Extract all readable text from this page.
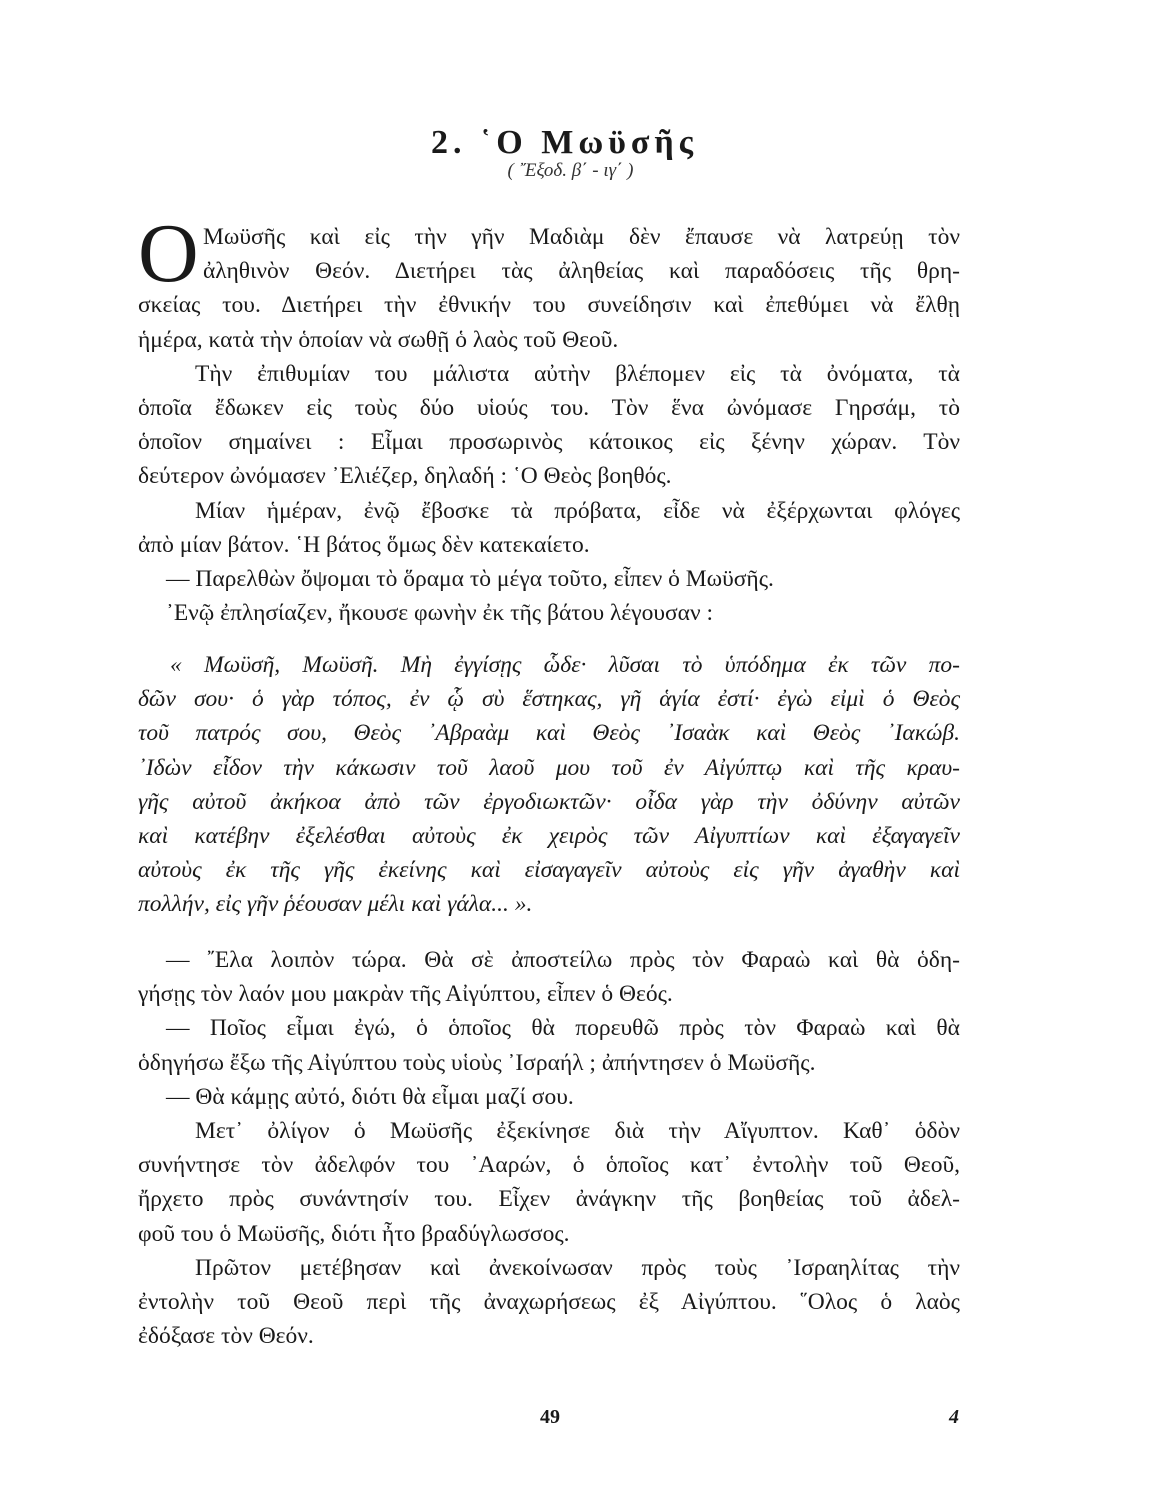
2. ῾Ο Μωϋσῆς
( ῎Εξοδ. β΄ - ιγ΄ )
Ο Μωϋσῆς καὶ εἰς τὴν γῆν Μαδιὰμ δὲν ἔπαυσε νὰ λατρεύῃ τὸν
ἀληθινὸν Θεόν. Διετήρει τὰς ἀληθείας καὶ παραδόσεις τῆς θρη-
σκείας του. Διετήρει τὴν ἐθνικήν του συνείδησιν καὶ ἐπεθύμει νὰ ἔλθῃ
ἡμέρα, κατὰ τὴν ὁποίαν νὰ σωθῇ ὁ λαὸς τοῦ Θεοῦ.
Τὴν ἐπιθυμίαν του μάλιστα αὐτὴν βλέπομεν εἰς τὰ ὀνόματα, τὰ
ὁποῖα ἔδωκεν εἰς τοὺς δύο υἱούς του. Τὸν ἕνα ὠνόμασε Γηρσάμ, τὸ
ὁποῖον σημαίνει : Εἶμαι προσωρινὸς κάτοικος εἰς ξένην χώραν. Τὸν
δεύτερον ὠνόμασεν ᾿Ελιέζερ, δηλαδή : ῾Ο Θεὸς βοηθός.
Μίαν ἡμέραν, ἐνῷ ἔβοσκε τὰ πρόβατα, εἶδε νὰ ἐξέρχωνται φλόγες
ἀπὸ μίαν βάτον. ῾Η βάτος ὅμως δὲν κατεκαίετο.
— Παρελθὼν ὄψομαι τὸ ὅραμα τὸ μέγα τοῦτο, εἶπεν ὁ Μωϋσῆς.
᾿Ενῷ ἐπλησίαζεν, ἤκουσε φωνὴν ἐκ τῆς βάτου λέγουσαν :
« Μωϋσῆ, Μωϋσῆ. Μὴ ἐγγίσῃς ὧδε· λῦσαι τὸ ὑπόδημα ἐκ τῶν πο-
δῶν σου· ὁ γὰρ τόπος, ἐν ᾧ σὺ ἕστηκας, γῆ ἁγία ἐστί· ἐγὼ εἰμὶ ὁ Θεὸς
τοῦ πατρός σου, Θεὸς ᾿Αβραὰμ καὶ Θεὸς ᾿Ισαὰκ καὶ Θεὸς ᾿Ιακώβ.
᾿Ιδὼν εἶδον τὴν κάκωσιν τοῦ λαοῦ μου τοῦ ἐν Αἰγύπτῳ καὶ τῆς κραυ-
γῆς αὐτοῦ ἀκήκοα ἀπὸ τῶν ἐργοδιωκτῶν· οἶδα γὰρ τὴν ὀδύνην αὐτῶν
καὶ κατέβην ἐξελέσθαι αὐτοὺς ἐκ χειρὸς τῶν Αἰγυπτίων καὶ ἐξαγαγεῖν
αὐτοὺς ἐκ τῆς γῆς ἐκείνης καὶ εἰσαγαγεῖν αὐτοὺς εἰς γῆν ἀγαθὴν καὶ
πολλήν, εἰς γῆν ῥέουσαν μέλι καὶ γάλα... ».
— ῎Ελα λοιπὸν τώρα. Θὰ σὲ ἀποστείλω πρὸς τὸν Φαραὼ καὶ θὰ ὁδη-
γήσῃς τὸν λαόν μου μακρὰν τῆς Αἰγύπτου, εἶπεν ὁ Θεός.
— Ποῖος εἶμαι ἐγώ, ὁ ὁποῖος θὰ πορευθῶ πρὸς τὸν Φαραὼ καὶ θὰ
ὁδηγήσω ἔξω τῆς Αἰγύπτου τοὺς υἱοὺς ᾿Ισραήλ ; ἀπήντησεν ὁ Μωϋσῆς.
— Θὰ κάμῃς αὐτό, διότι θὰ εἶμαι μαζί σου.
Μετ᾿ ὀλίγον ὁ Μωϋσῆς ἐξεκίνησε διὰ τὴν Αἴγυπτον. Καθ᾿ ὁδὸν
συνήντησε τὸν ἀδελφόν του ᾿Ααρών, ὁ ὁποῖος κατ᾿ ἐντολὴν τοῦ Θεοῦ,
ἤρχετο πρὸς συνάντησίν του. Εἶχεν ἀνάγκην τῆς βοηθείας τοῦ ἀδελ-
φοῦ του ὁ Μωϋσῆς, διότι ἦτο βραδύγλωσσος.
Πρῶτον μετέβησαν καὶ ἀνεκοίνωσαν πρὸς τοὺς ᾿Ισραηλίτας τὴν
ἐντολὴν τοῦ Θεοῦ περὶ τῆς ἀναχωρήσεως ἐξ Αἰγύπτου. ῞Ολος ὁ λαὸς
ἐδόξασε τὸν Θεόν.
49	4
